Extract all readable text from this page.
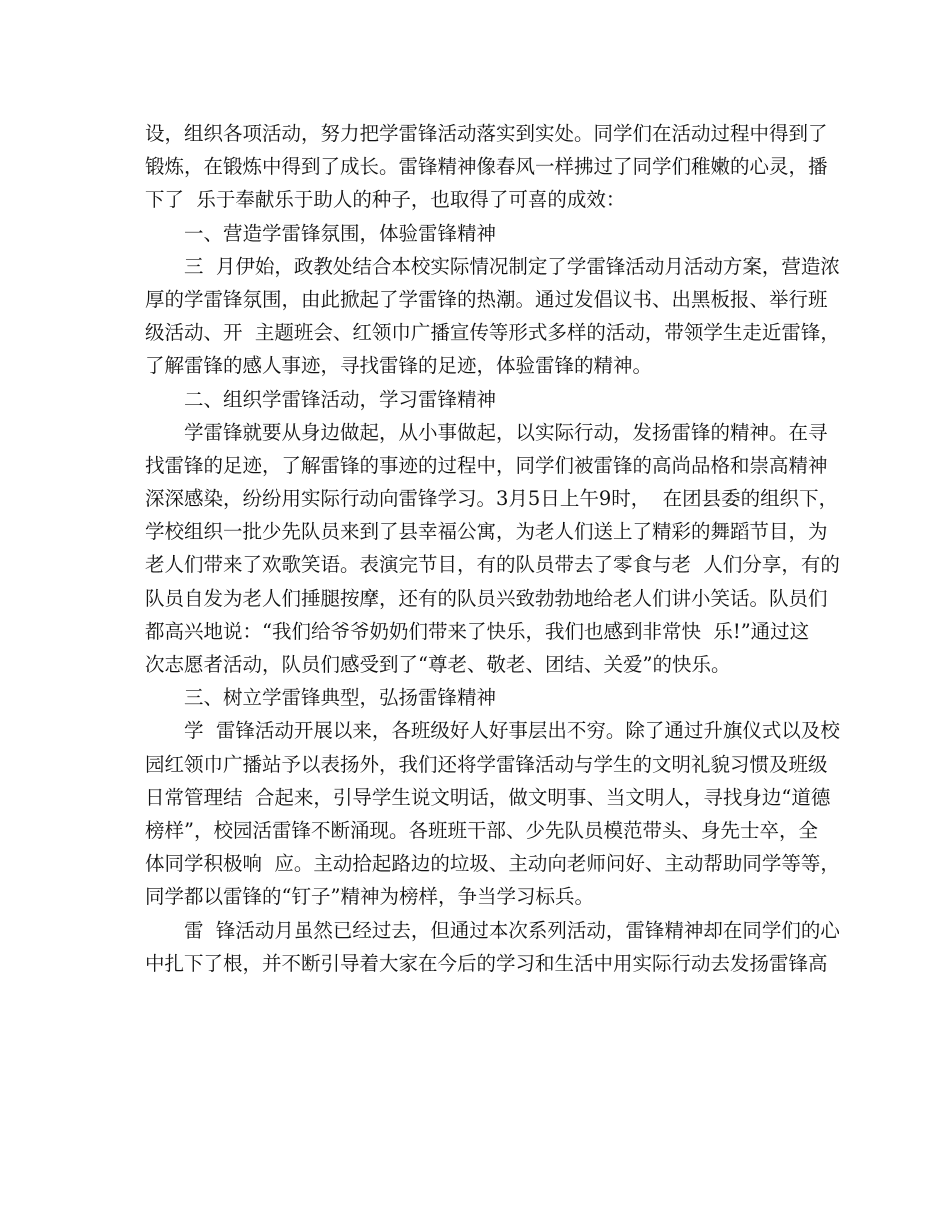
设，组织各项活动，努力把学雷锋活动落实到实处。同学们在活动过程中得到了
锻炼，在锻炼中得到了成长。雷锋精神像春风一样拂过了同学们稚嫩的心灵，播
下了  乐于奉献乐于助人的种子，也取得了可喜的成效：
一、营造学雷锋氛围，体验雷锋精神
三  月伊始，政教处结合本校实际情况制定了学雷锋活动月活动方案，营造浓
厚的学雷锋氛围，由此掀起了学雷锋的热潮。通过发倡议书、出黑板报、举行班
级活动、开  主题班会、红领巾广播宣传等形式多样的活动，带领学生走近雷锋，
了解雷锋的感人事迹，寻找雷锋的足迹，体验雷锋的精神。
二、组织学雷锋活动，学习雷锋精神
学雷锋就要从身边做起，从小事做起，以实际行动，发扬雷锋的精神。在寻
找雷锋的足迹，了解雷锋的事迹的过程中，同学们被雷锋的高尚品格和崇高精神
深深感染，纷纷用实际行动向雷锋学习。3月5日上午9时，  在团县委的组织下，
学校组织一批少先队员来到了县幸福公寓，为老人们送上了精彩的舞蹈节目，为
老人们带来了欢歌笑语。表演完节目，有的队员带去了零食与老  人们分享，有的
队员自发为老人们捶腿按摩，还有的队员兴致勃勃地给老人们讲小笑话。队员们
都高兴地说：“我们给爷爷奶奶们带来了快乐，我们也感到非常快  乐!”通过这
次志愿者活动，队员们感受到了“尊老、敬老、团结、关爱”的快乐。
三、树立学雷锋典型，弘扬雷锋精神
学  雷锋活动开展以来，各班级好人好事层出不穷。除了通过升旗仪式以及校
园红领巾广播站予以表扬外，我们还将学雷锋活动与学生的文明礼貌习惯及班级
日常管理结  合起来，引导学生说文明话，做文明事、当文明人，寻找身边“道德
榜样”，校园活雷锋不断涌现。各班班干部、少先队员模范带头、身先士卒，全
体同学积极响  应。主动拾起路边的垃圾、主动向老师问好、主动帮助同学等等，
同学都以雷锋的“钉子”精神为榜样，争当学习标兵。
雷  锋活动月虽然已经过去，但通过本次系列活动，雷锋精神却在同学们的心
中扎下了根，并不断引导着大家在今后的学习和生活中用实际行动去发扬雷锋高
